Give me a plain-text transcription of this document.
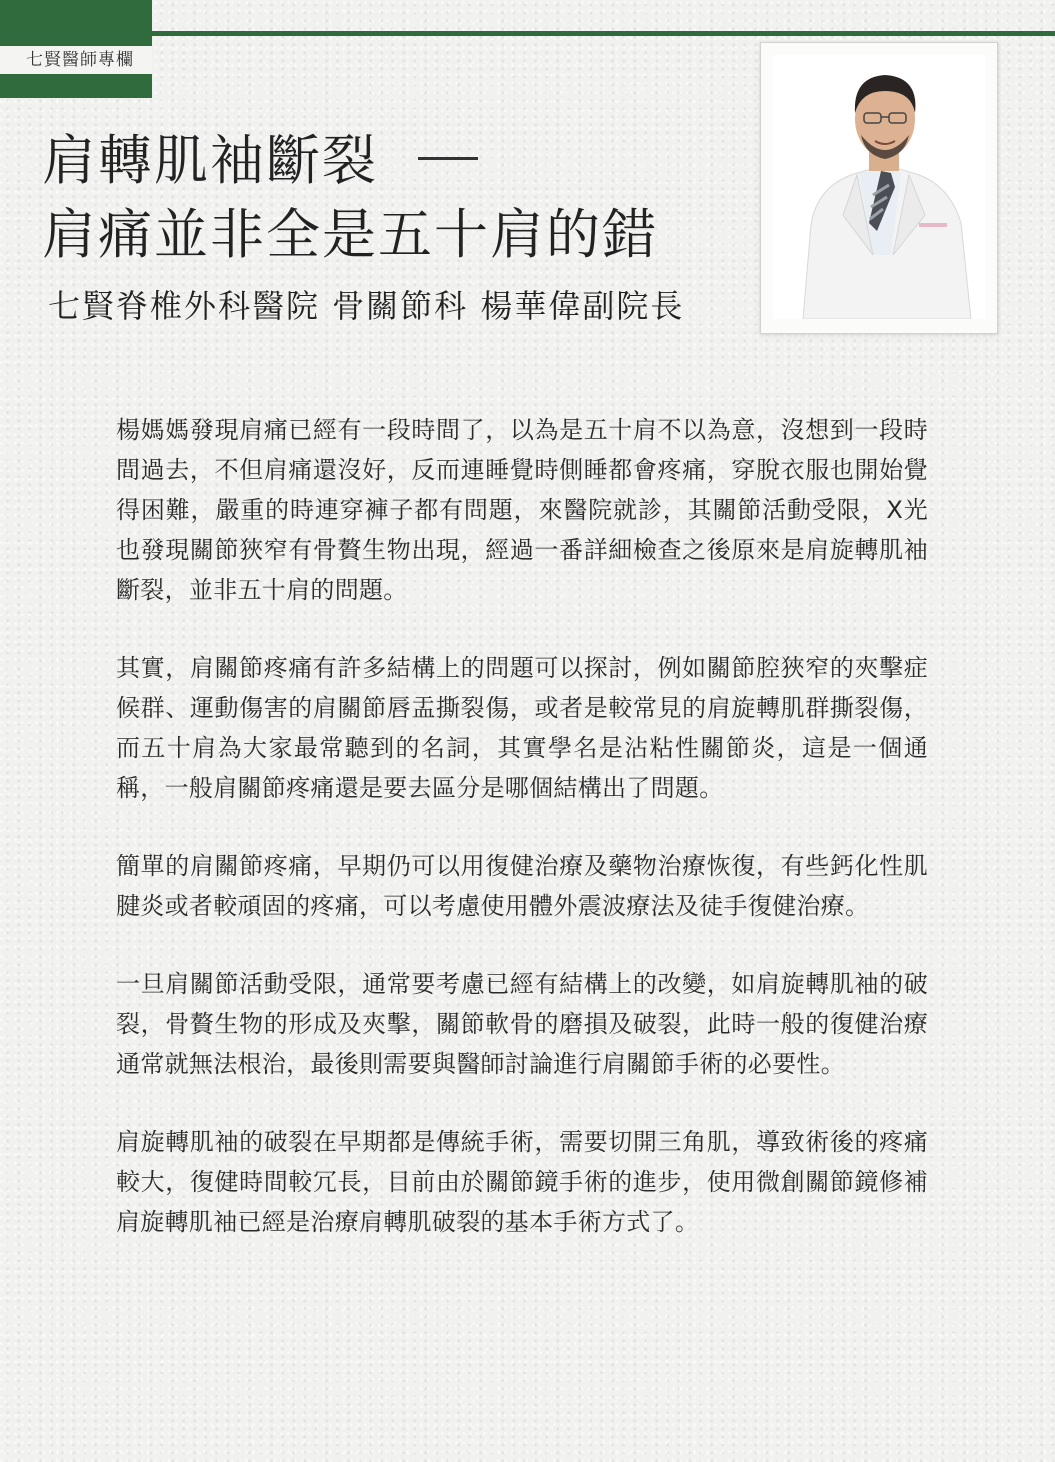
七賢醫師專欄
肩轉肌袖斷裂
肩痛並非全是五十肩的錯
七賢脊椎外科醫院 骨關節科 楊華偉副院長

楊媽媽發現肩痛已經有一段時間了，以為是五十肩不以為意，沒想到一段時間過去，不但肩痛還沒好，反而連睡覺時側睡都會疼痛，穿脫衣服也開始覺得困難，嚴重的時連穿褲子都有問題，來醫院就診，其關節活動受限，X光也發現關節狹窄有骨贅生物出現，經過一番詳細檢查之後原來是肩旋轉肌袖斷裂，並非五十肩的問題。

其實，肩關節疼痛有許多結構上的問題可以探討，例如關節腔狹窄的夾擊症候群、運動傷害的肩關節唇盂撕裂傷，或者是較常見的肩旋轉肌群撕裂傷，而五十肩為大家最常聽到的名詞，其實學名是沾粘性關節炎，這是一個通稱，一般肩關節疼痛還是要去區分是哪個結構出了問題。

簡單的肩關節疼痛，早期仍可以用復健治療及藥物治療恢復，有些鈣化性肌腱炎或者較頑固的疼痛，可以考慮使用體外震波療法及徒手復健治療。

一旦肩關節活動受限，通常要考慮已經有結構上的改變，如肩旋轉肌袖的破裂，骨贅生物的形成及夾擊，關節軟骨的磨損及破裂，此時一般的復健治療通常就無法根治，最後則需要與醫師討論進行肩關節手術的必要性。

肩旋轉肌袖的破裂在早期都是傳統手術，需要切開三角肌，導致術後的疼痛較大，復健時間較冗長，目前由於關節鏡手術的進步，使用微創關節鏡修補肩旋轉肌袖已經是治療肩轉肌破裂的基本手術方式了。
